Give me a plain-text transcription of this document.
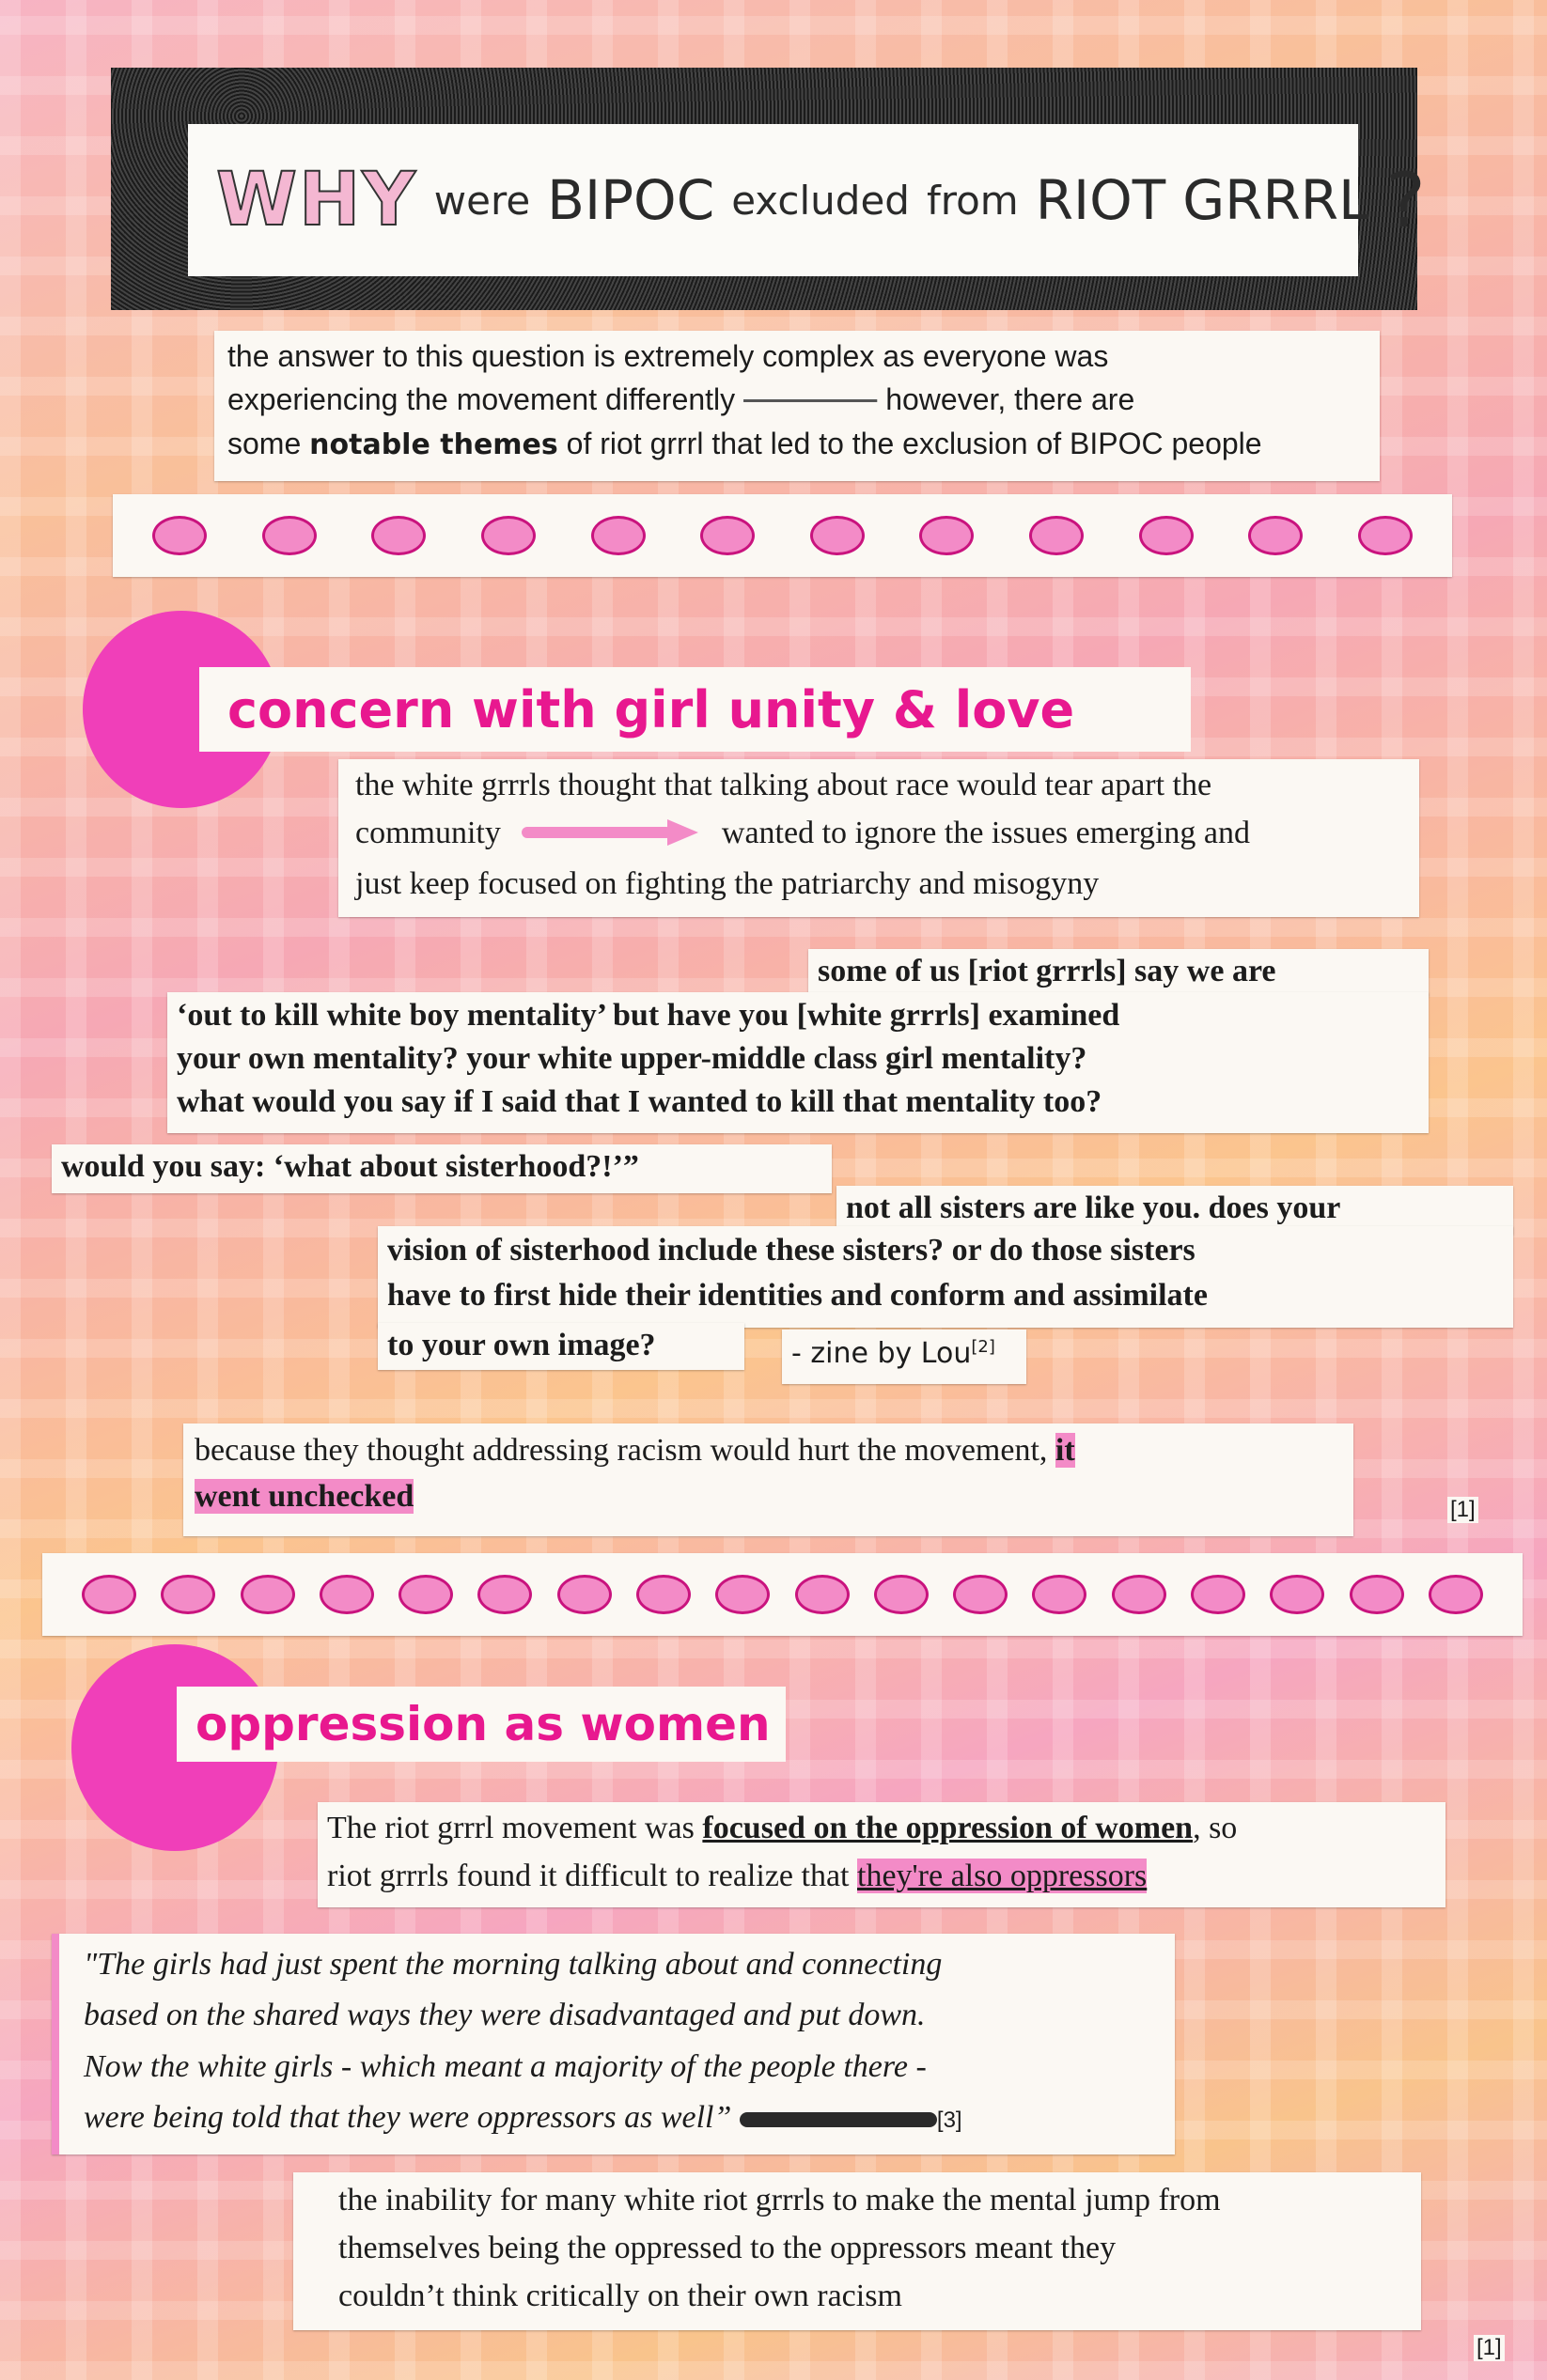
WHY were BIPOC excluded from RIOT GRRRL ?
the answer to this question is extremely complex as everyone was
experiencing the movement differently	however, there are
some notable themes of riot grrrl that led to the exclusion of BIPOC people
concern with girl unity & love
the white grrrls thought that talking about race would tear apart the
community	wanted to ignore the issues emerging and
just keep focused on fighting the patriarchy and misogyny
some of us [riot grrrls] say we are
‘out to kill white boy mentality’ but have you [white grrrls] examined
your own mentality? your white upper-middle class girl mentality?
what would you say if I said that I wanted to kill that mentality too?
would you say: ‘what about sisterhood?!’”
not all sisters are like you. does your
vision of sisterhood include these sisters? or do those sisters
have to first hide their identities and conform and assimilate
to your own image?	- zine by Lou[2]
because they thought addressing racism would hurt the movement, it
went unchecked	[1]
oppression as women
The riot grrrl movement was focused on the oppression of women, so
riot grrrls found it difficult to realize that they're also oppressors
"The girls had just spent the morning talking about and connecting
based on the shared ways they were disadvantaged and put down.
Now the white girls - which meant a majority of the people there -
were being told that they were oppressors as well”	[3]
the inability for many white riot grrrls to make the mental jump from
themselves being the oppressed to the oppressors meant they
couldn’t think critically on their own racism
[1]
